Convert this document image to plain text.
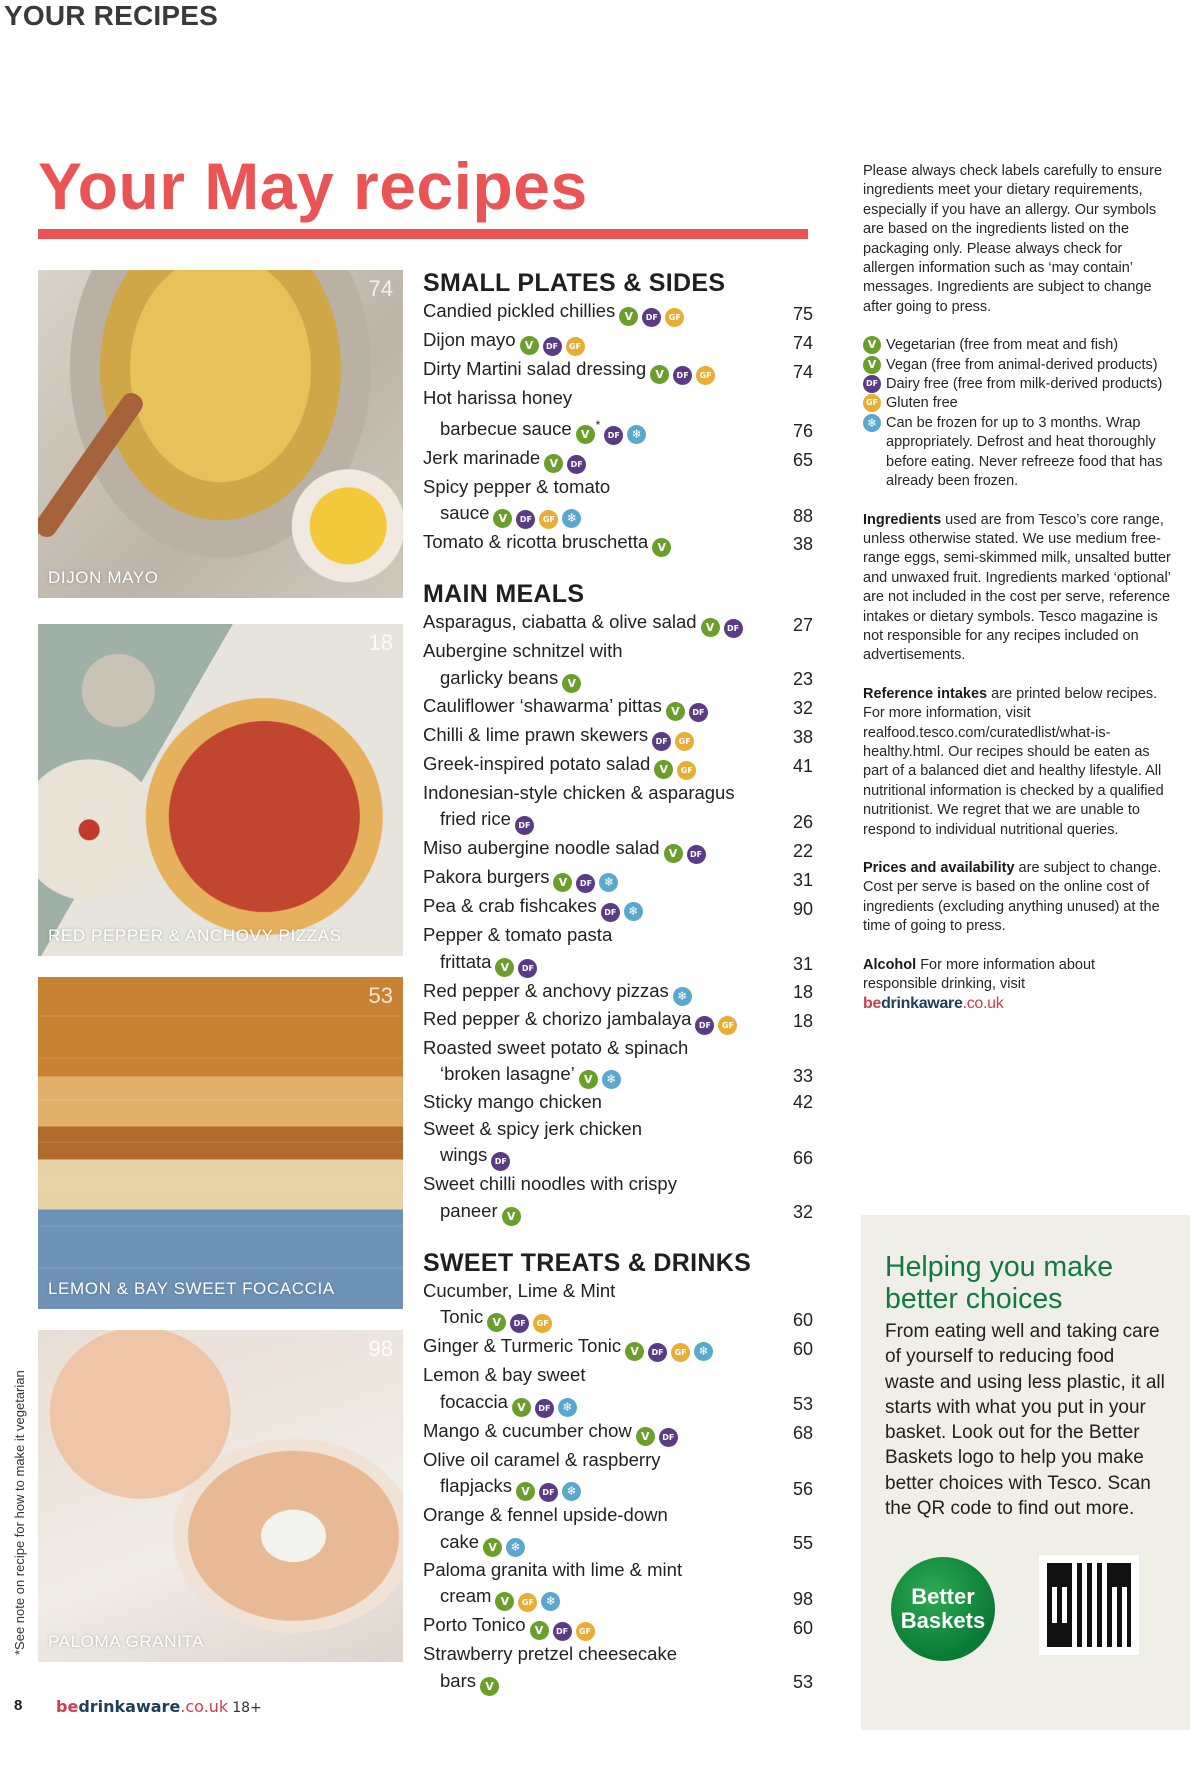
YOUR RECIPES
Your May recipes
74
DIJON MAYO
18
RED PEPPER & ANCHOVY PIZZAS
53
LEMON & BAY SWEET FOCACCIA
98
PALOMA GRANITA
*See note on recipe for how to make it vegetarian
SMALL PLATES & SIDES
Candied pickled chillies V DF GF	75
Dijon mayo V DF GF	74
Dirty Martini salad dressing V DF GF	74
Hot harissa honey
barbecue sauce V*DF ❄	76
Jerk marinade V DF	65
Spicy pepper & tomato
sauce V DF GF ❄	88
Tomato & ricotta bruschetta V	38
MAIN MEALS
Asparagus, ciabatta & olive salad V DF	27
Aubergine schnitzel with
garlicky beans V	23
Cauliflower ‘shawarma’ pittas V DF	32
Chilli & lime prawn skewers DF GF	38
Greek-inspired potato salad V GF	41
Indonesian-style chicken & asparagus
fried rice DF	26
Miso aubergine noodle salad V DF	22
Pakora burgers V DF ❄	31
Pea & crab fishcakes DF ❄	90
Pepper & tomato pasta
frittata V DF	31
Red pepper & anchovy pizzas ❄	18
Red pepper & chorizo jambalaya DF GF	18
Roasted sweet potato & spinach
‘broken lasagne’ V ❄	33
Sticky mango chicken	42
Sweet & spicy jerk chicken
wings DF	66
Sweet chilli noodles with crispy
paneer V	32
SWEET TREATS & DRINKS
Cucumber, Lime & Mint
Tonic V DF GF	60
Ginger & Turmeric Tonic V DF GF ❄	60
Lemon & bay sweet
focaccia V DF ❄	53
Mango & cucumber chow V DF	68
Olive oil caramel & raspberry
flapjacks V DF ❄	56
Orange & fennel upside-down
cake V ❄	55
Paloma granita with lime & mint
cream V GF ❄	98
Porto Tonico V DF GF	60
Strawberry pretzel cheesecake
bars V	53

Please always check labels carefully to ensure ingredients meet your dietary requirements, especially if you have an allergy. Our symbols are based on the ingredients listed on the packaging only. Please always check for allergen information such as ‘may contain’ messages. Ingredients are subject to change after going to press.

V Vegetarian (free from meat and fish)
V Vegan (free from animal-derived products)
DF Dairy free (free from milk-derived products)
GF Gluten free
❄ Can be frozen for up to 3 months. Wrap appropriately. Defrost and heat thoroughly before eating. Never refreeze food that has already been frozen.

Ingredients used are from Tesco’s core range, unless otherwise stated. We use medium free-range eggs, semi-skimmed milk, unsalted butter and unwaxed fruit. Ingredients marked ‘optional’ are not included in the cost per serve, reference intakes or dietary symbols. Tesco magazine is not responsible for any recipes included on advertisements.

Reference intakes are printed below recipes. For more information, visit realfood.tesco.com/curatedlist/what-is-healthy.html. Our recipes should be eaten as part of a balanced diet and healthy lifestyle. All nutritional information is checked by a qualified nutritionist. We regret that we are unable to respond to individual nutritional queries.

Prices and availability are subject to change. Cost per serve is based on the online cost of ingredients (excluding anything unused) at the time of going to press.

Alcohol For more information about responsible drinking, visit
bedrinkaware.co.uk
Helping you make better choices
From eating well and taking care of yourself to reducing food waste and using less plastic, it all starts with what you put in your basket. Look out for the Better Baskets logo to help you make better choices with Tesco. Scan the QR code to find out more.
Better
Baskets
8 bedrinkaware.co.uk 18+
